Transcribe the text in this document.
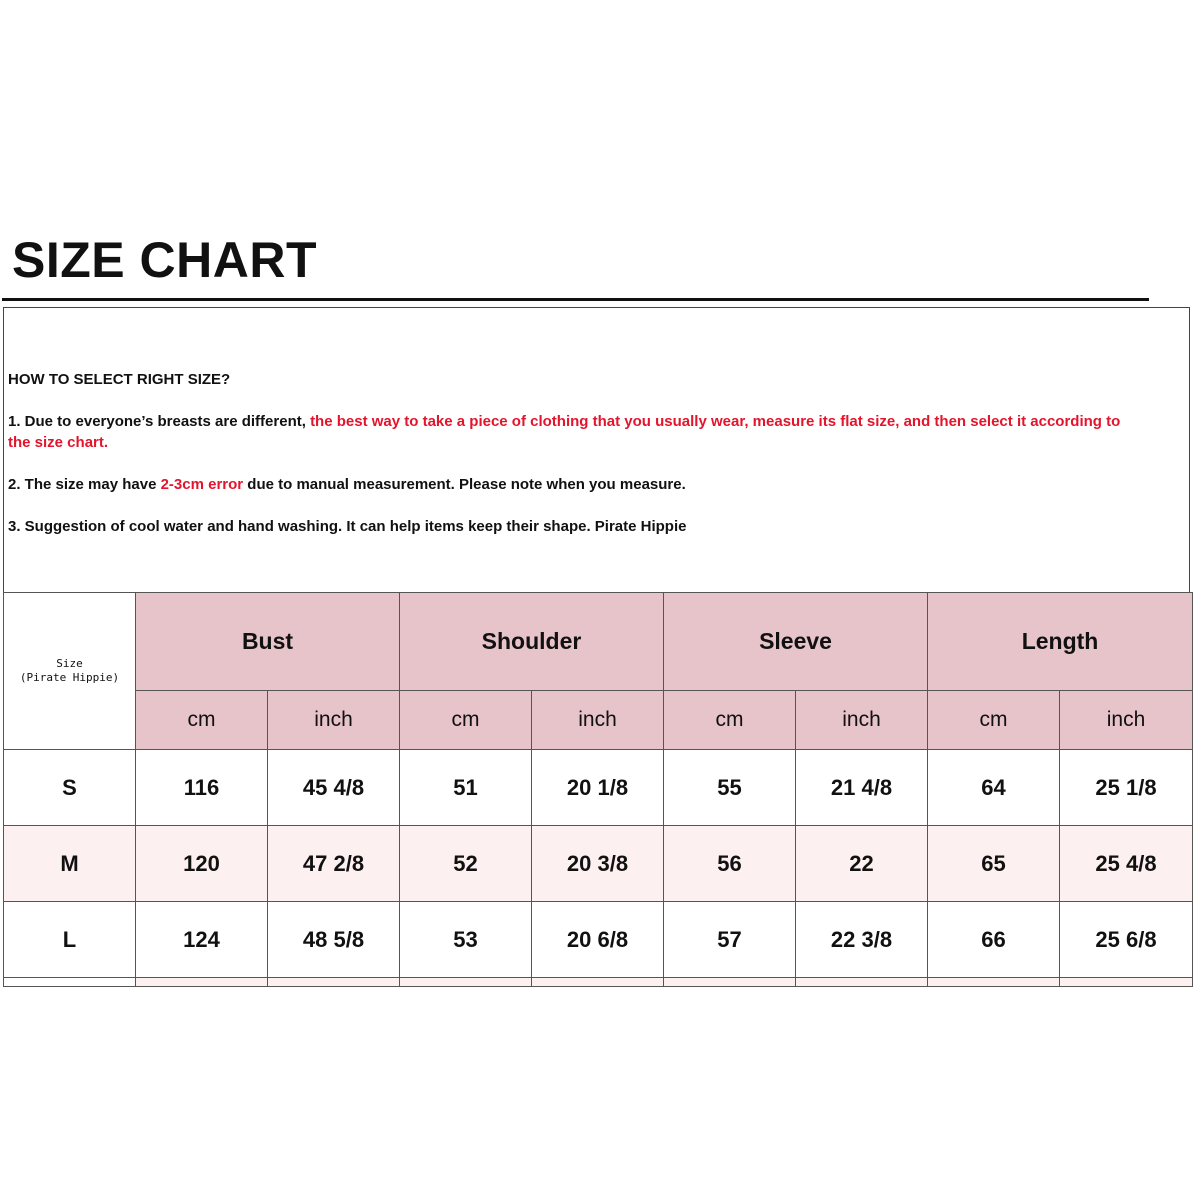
SIZE CHART
HOW TO SELECT RIGHT SIZE?
1. Due to everyone’s breasts are different, the best way to take a piece of clothing that you usually wear, measure its flat size, and then select it according to the size chart.
2. The size may have 2-3cm error due to manual measurement. Please note when you measure.
3. Suggestion of cool water and hand washing. It can help items keep their shape. Pirate Hippie
Size
(Pirate Hippie)	Bust		Shoulder		Sleeve		Length	
	cm	inch	cm	inch	cm	inch	cm	inch
S	116	45 4/8	51	20 1/8	55	21 4/8	64	25 1/8
M	120	47 2/8	52	20 3/8	56	22	65	25 4/8
L	124	48 5/8	53	20 6/8	57	22 3/8	66	25 6/8
